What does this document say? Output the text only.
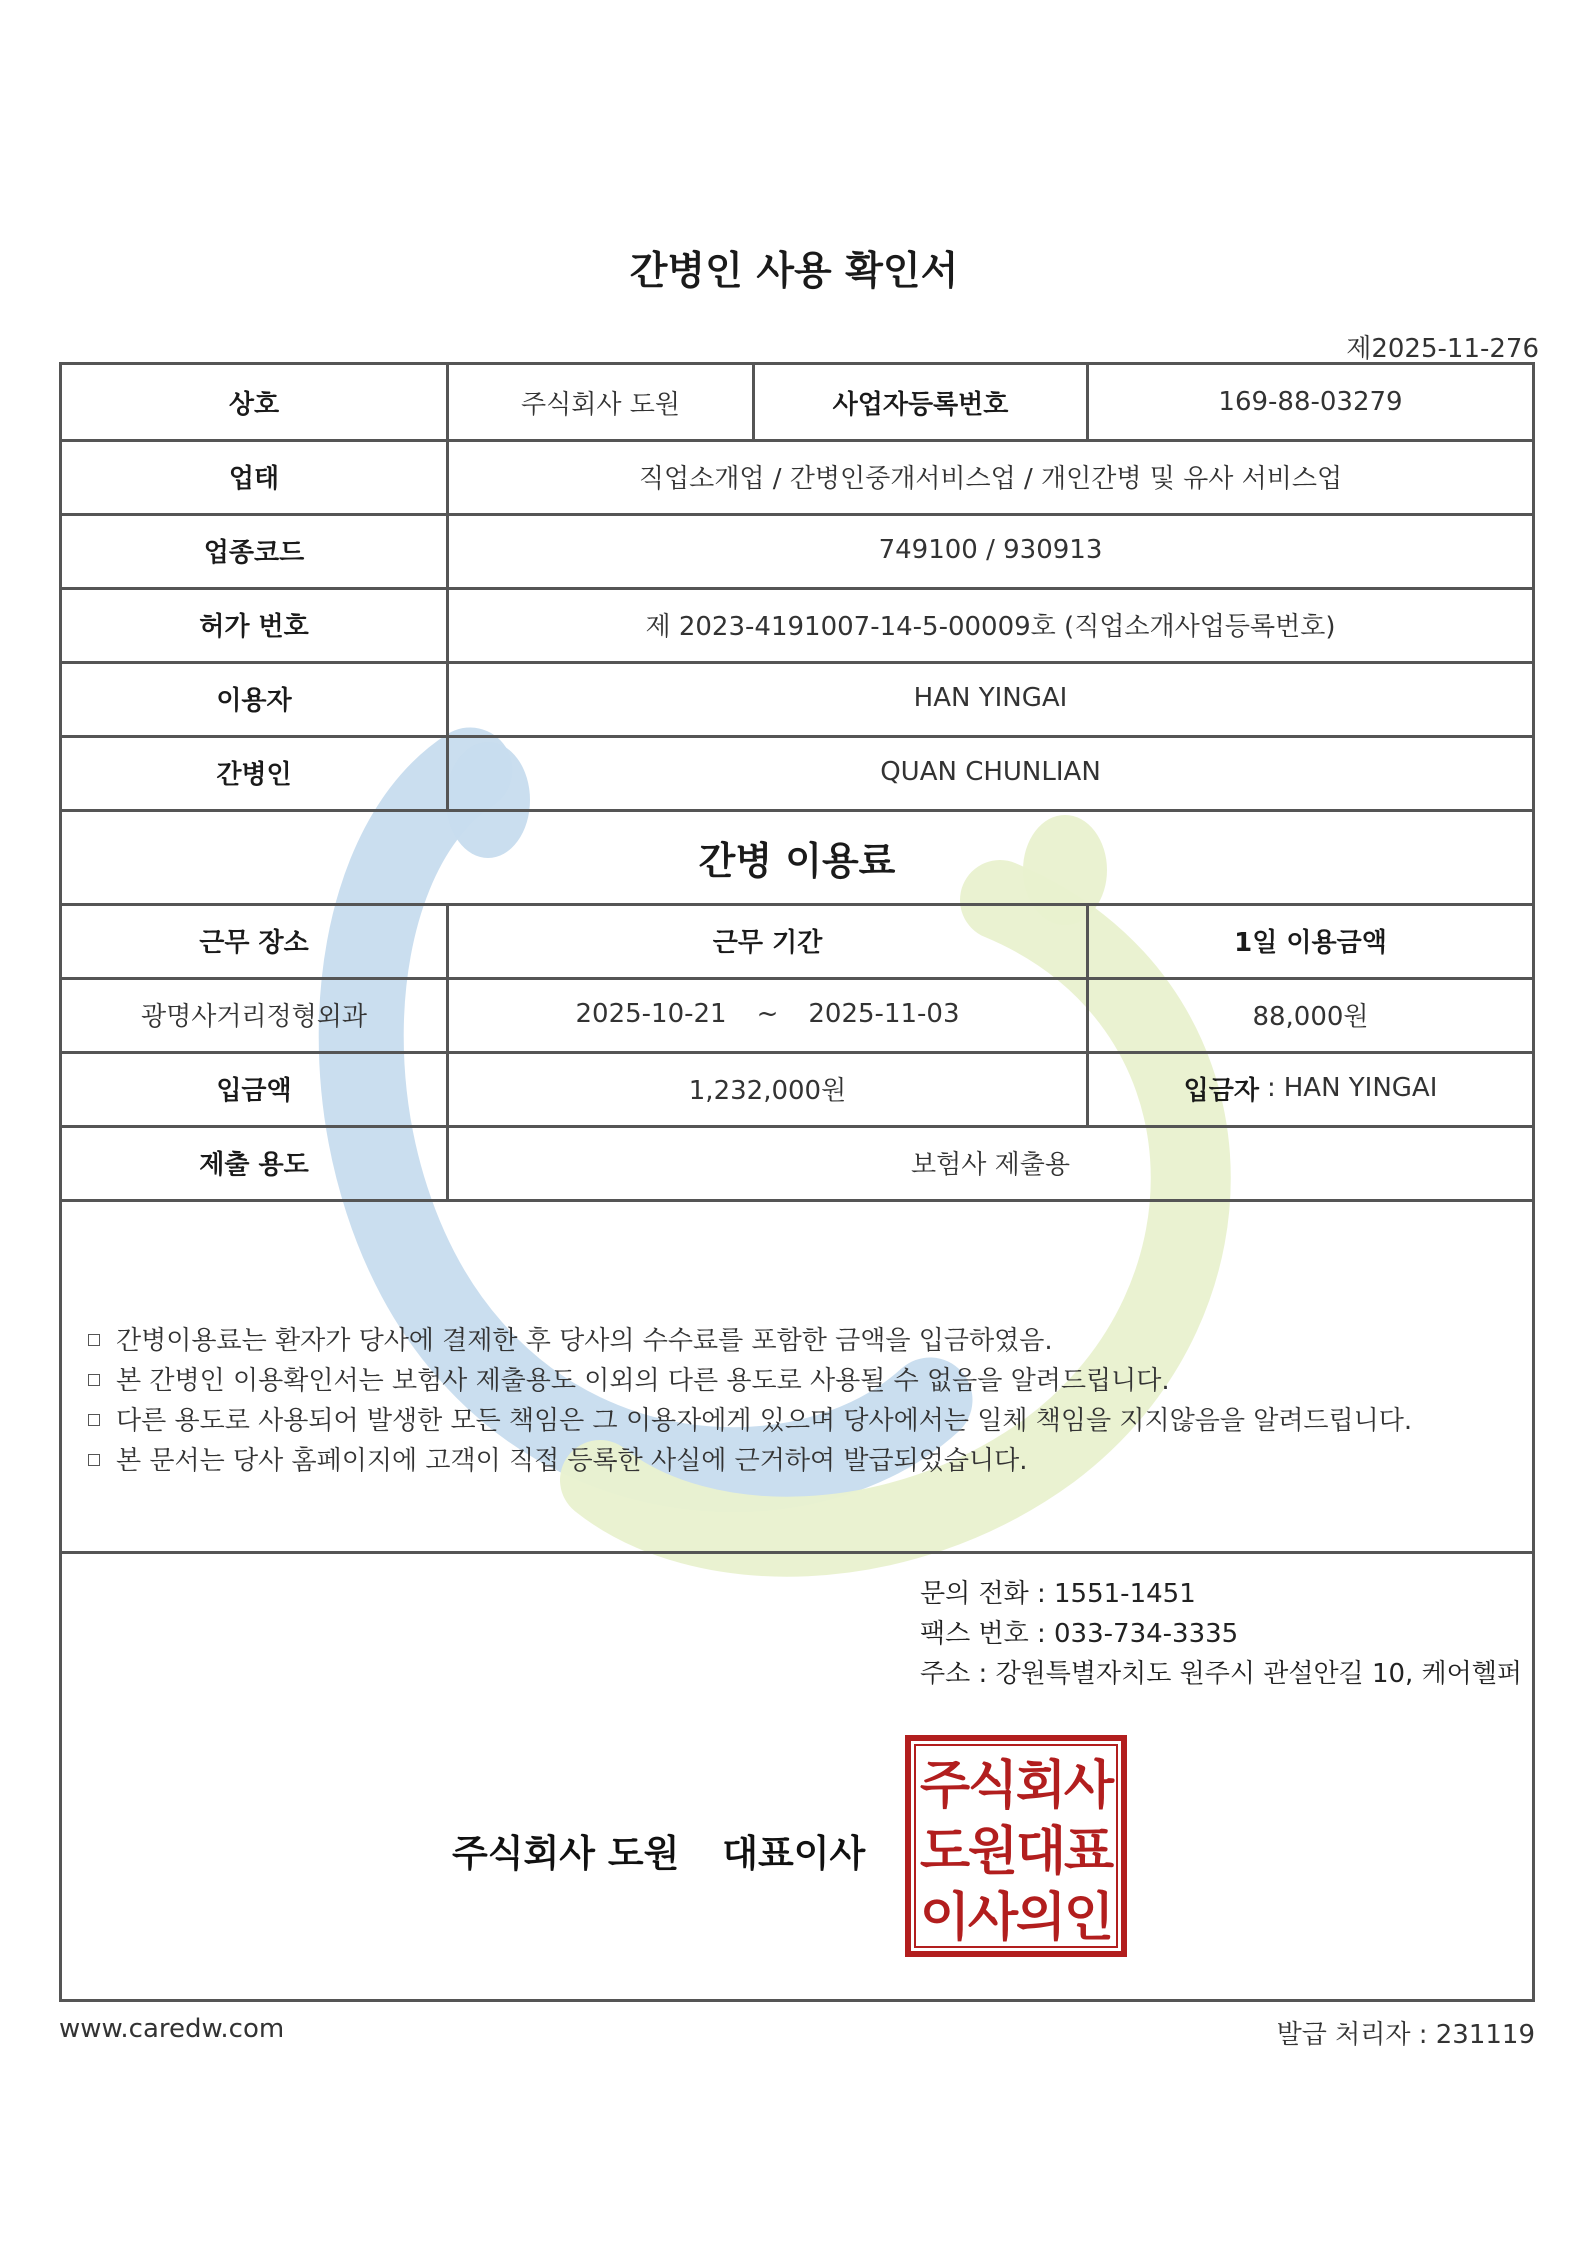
간병인 사용 확인서
제2025-11-276
상호	주식회사 도원	사업자등록번호	169-88-03279
업태	직업소개업 / 간병인중개서비스업 / 개인간병 및 유사 서비스업
업종코드	749100 / 930913
허가 번호	제 2023-4191007-14-5-00009호 (직업소개사업등록번호)
이용자	HAN YINGAI
간병인	QUAN CHUNLIAN
간병 이용료
근무 장소	근무 기간	1일 이용금액
광명사거리정형외과	2025-10-21 ~ 2025-11-03	88,000원
입금액	1,232,000원	입금자 : HAN YINGAI
제출 용도	보험사 제출용
간병이용료는 환자가 당사에 결제한 후 당사의 수수료를 포함한 금액을 입금하였음.
본 간병인 이용확인서는 보험사 제출용도 이외의 다른 용도로 사용될 수 없음을 알려드립니다.
다른 용도로 사용되어 발생한 모든 책임은 그 이용자에게 있으며 당사에서는 일체 책임을 지지않음을 알려드립니다.
본 문서는 당사 홈페이지에 고객이 직접 등록한 사실에 근거하여 발급되었습니다.
문의 전화 : 1551-1451
팩스 번호 : 033-734-3335
주소 : 강원특별자치도 원주시 관설안길 10, 케어헬퍼
주식회사 도원 대표이사
주
식
회
사
도
원
대
표
이
사
의
인
www.caredw.com	발급 처리자 : 231119
